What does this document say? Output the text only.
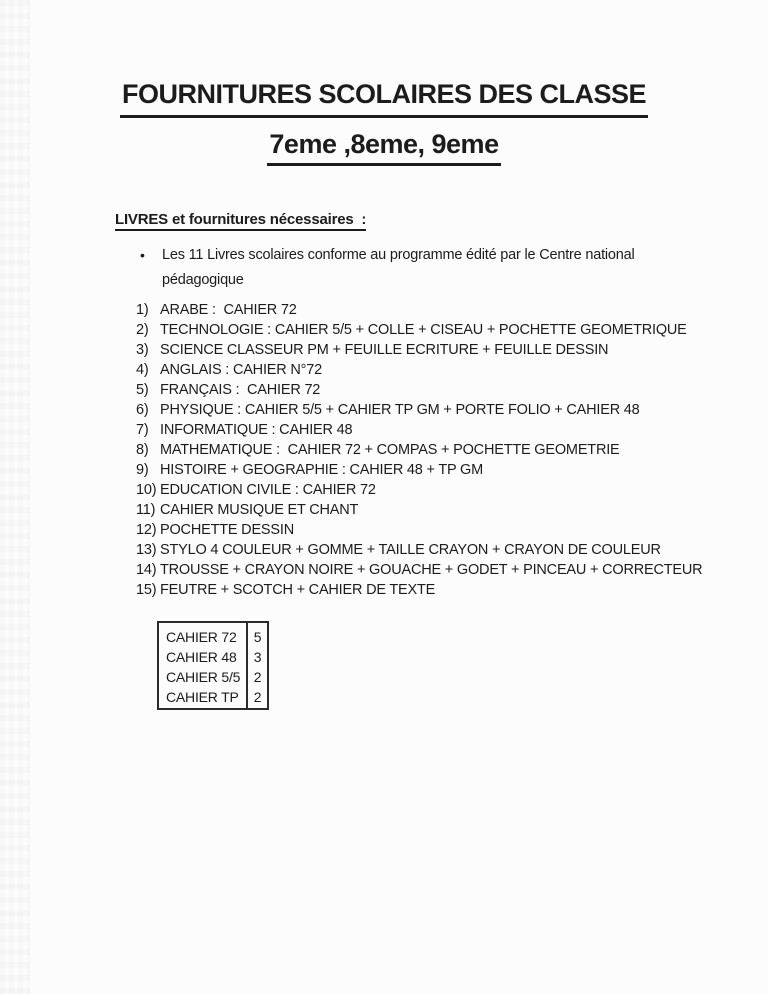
FOURNITURES SCOLAIRES DES CLASSE
7eme ,8eme, 9eme
LIVRES et fournitures nécessaires  :
•	Les 11 Livres scolaires conforme au programme édité par le Centre national pédagogique
1) ARABE :  CAHIER 72
2) TECHNOLOGIE : CAHIER 5/5 + COLLE + CISEAU + POCHETTE GEOMETRIQUE
3) SCIENCE CLASSEUR PM + FEUILLE ECRITURE + FEUILLE DESSIN
4) ANGLAIS : CAHIER N°72
5) FRANÇAIS :  CAHIER 72
6) PHYSIQUE : CAHIER 5/5 + CAHIER TP GM + PORTE FOLIO + CAHIER 48
7) INFORMATIQUE : CAHIER 48
8) MATHEMATIQUE :  CAHIER 72 + COMPAS + POCHETTE GEOMETRIE
9) HISTOIRE + GEOGRAPHIE : CAHIER 48 + TP GM
10) EDUCATION CIVILE : CAHIER 72
11) CAHIER MUSIQUE ET CHANT
12) POCHETTE DESSIN
13) STYLO 4 COULEUR + GOMME + TAILLE CRAYON + CRAYON DE COULEUR
14) TROUSSE + CRAYON NOIRE + GOUACHE + GODET + PINCEAU + CORRECTEUR
15) FEUTRE + SCOTCH + CAHIER DE TEXTE
CAHIER 72
CAHIER 48
CAHIER 5/5
CAHIER TP
5
3
2
2
